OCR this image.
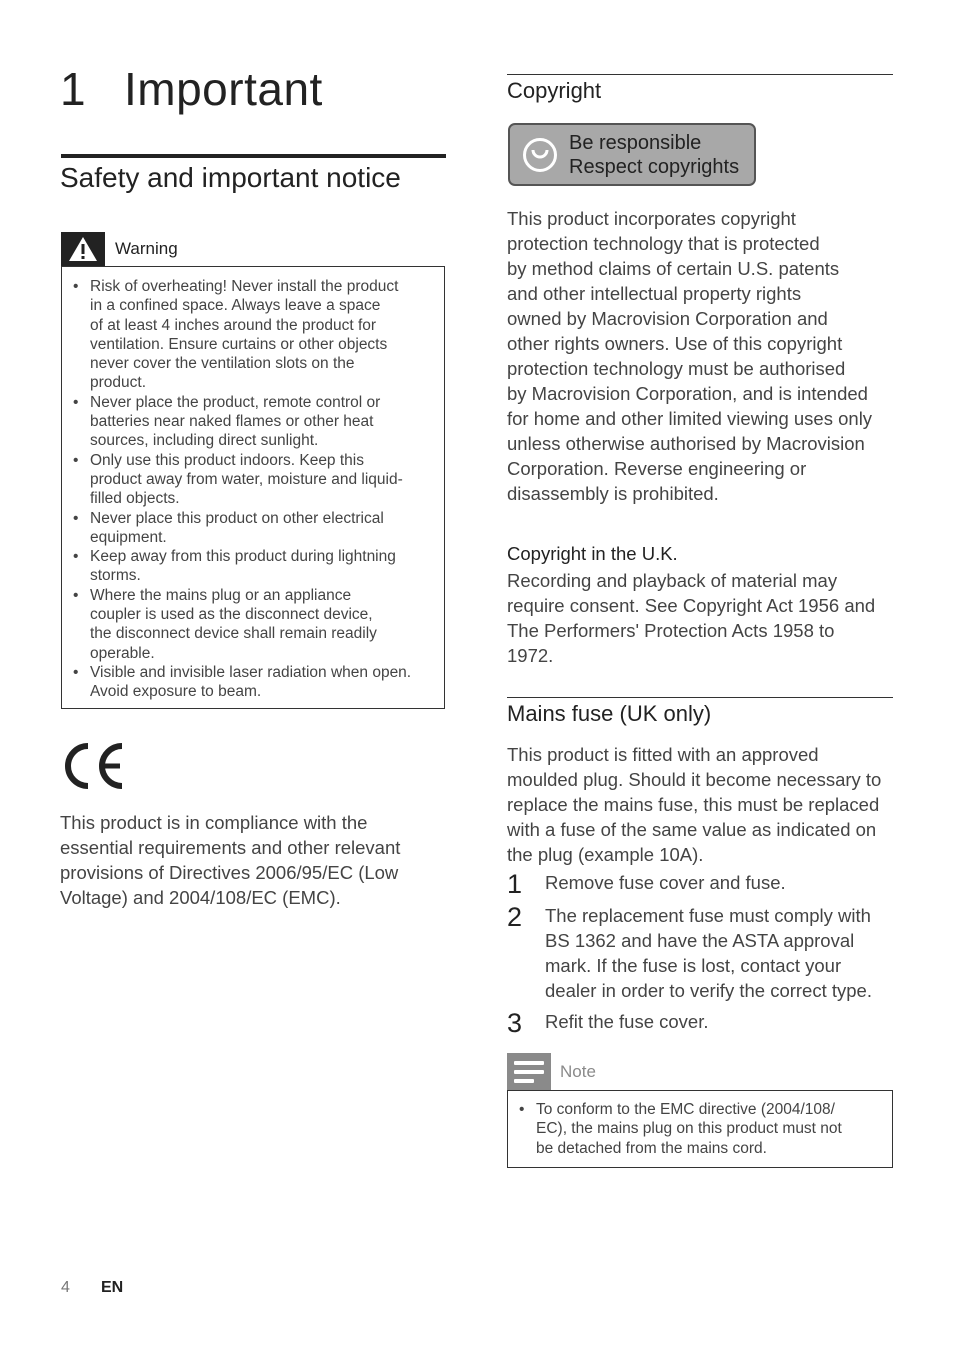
1 Important
Safety and important notice
Warning
• Risk of overheating! Never install the product
in a confined space. Always leave a space
of at least 4 inches around the product for
ventilation. Ensure curtains or other objects
never cover the ventilation slots on the
product.
• Never place the product, remote control or
batteries near naked flames or other heat
sources, including direct sunlight.
• Only use this product indoors. Keep this
product away from water, moisture and liquid-
filled objects.
• Never place this product on other electrical
equipment.
• Keep away from this product during lightning
storms.
• Where the mains plug or an appliance
coupler is used as the disconnect device,
the disconnect device shall remain readily
operable.
• Visible and invisible laser radiation when open.
Avoid exposure to beam.

This product is in compliance with the
essential requirements and other relevant
provisions of Directives 2006/95/EC (Low
Voltage) and 2004/108/EC (EMC).

Copyright
Be responsible
Respect copyrights

This product incorporates copyright
protection technology that is protected
by method claims of certain U.S. patents
and other intellectual property rights
owned by Macrovision Corporation and
other rights owners. Use of this copyright
protection technology must be authorised
by Macrovision Corporation, and is intended
for home and other limited viewing uses only
unless otherwise authorised by Macrovision
Corporation. Reverse engineering or
disassembly is prohibited.

Copyright in the U.K.

Recording and playback of material may
require consent. See Copyright Act 1956 and
The Performers' Protection Acts 1958 to
1972.

Mains fuse (UK only)

This product is fitted with an approved
moulded plug. Should it become necessary to
replace the mains fuse, this must be replaced
with a fuse of the same value as indicated on
the plug (example 10A).

1	Remove fuse cover and fuse.
2	The replacement fuse must comply with
BS 1362 and have the ASTA approval
mark. If the fuse is lost, contact your
dealer in order to verify the correct type.
3	Refit the fuse cover.
Note
• To conform to the EMC directive (2004/108/
EC), the mains plug on this product must not
be detached from the mains cord.
4 EN
